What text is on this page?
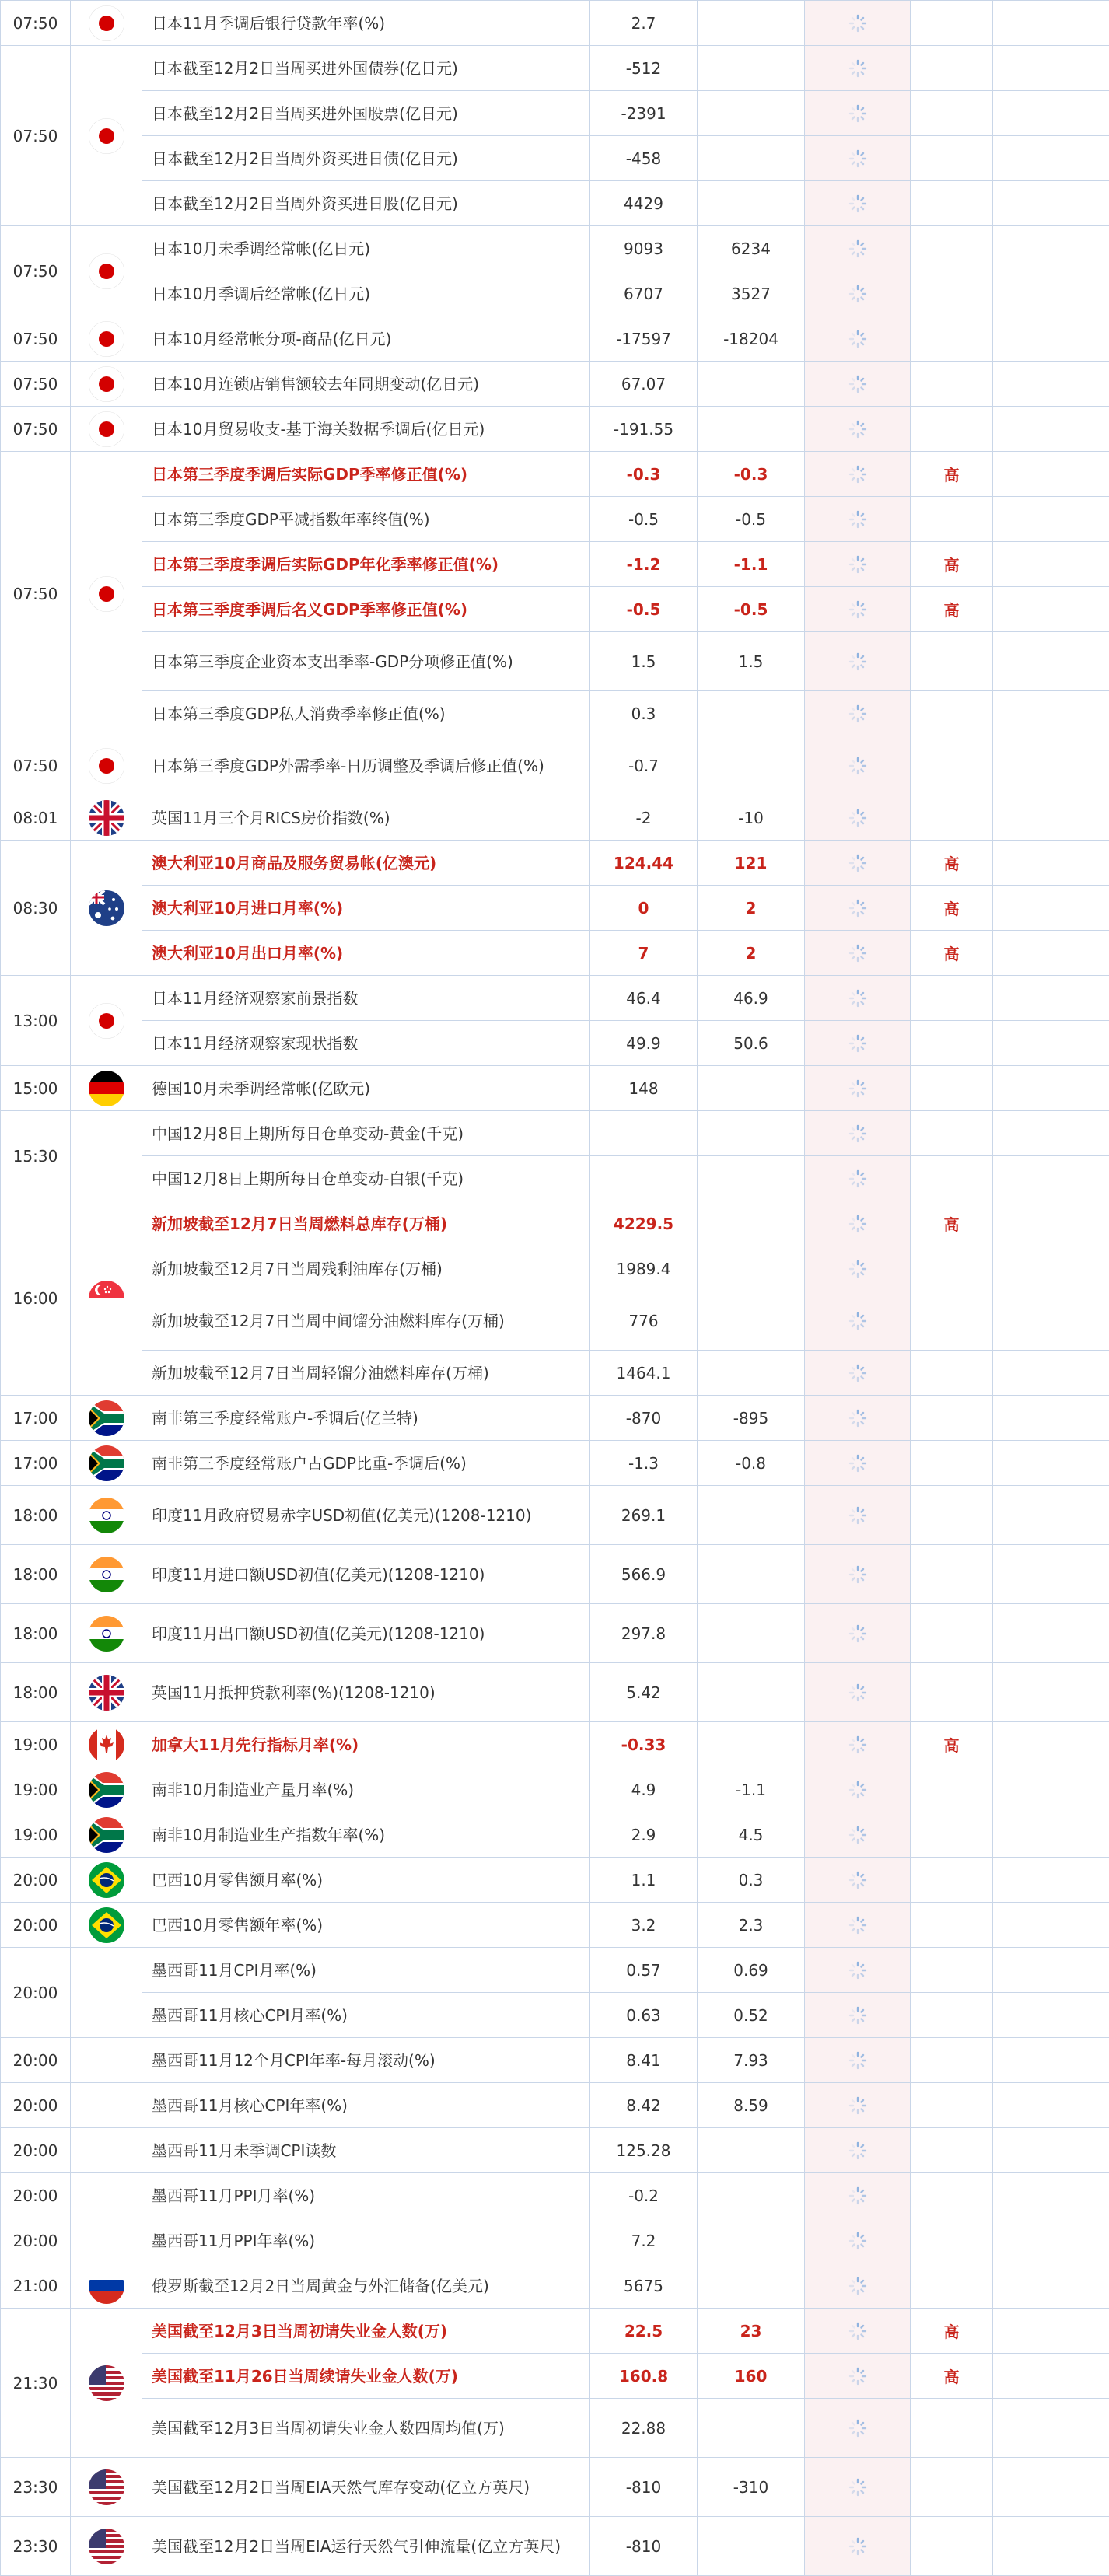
07:50		日本11月季调后银行贷款年率(%)	2.7					
07:50		日本截至12月2日当周买进外国债券(亿日元)	-512					
		日本截至12月2日当周买进外国股票(亿日元)	-2391					
		日本截至12月2日当周外资买进日债(亿日元)	-458					
		日本截至12月2日当周外资买进日股(亿日元)	4429					
07:50		日本10月未季调经常帐(亿日元)	9093	6234				
		日本10月季调后经常帐(亿日元)	6707	3527				
07:50		日本10月经常帐分项-商品(亿日元)	-17597	-18204				
07:50		日本10月连锁店销售额较去年同期变动(亿日元)	67.07					
07:50		日本10月贸易收支-基于海关数据季调后(亿日元)	-191.55					
07:50		日本第三季度季调后实际GDP季率修正值(%)	-0.3	-0.3		高		
		日本第三季度GDP平减指数年率终值(%)	-0.5	-0.5				
		日本第三季度季调后实际GDP年化季率修正值(%)	-1.2	-1.1		高		
		日本第三季度季调后名义GDP季率修正值(%)	-0.5	-0.5		高		
		日本第三季度企业资本支出季率-GDP分项修正值(%)	1.5	1.5				
		日本第三季度GDP私人消费季率修正值(%)	0.3					
07:50		日本第三季度GDP外需季率-日历调整及季调后修正值(%)	-0.7					
08:01		英国11月三个月RICS房价指数(%)	-2	-10				
08:30		澳大利亚10月商品及服务贸易帐(亿澳元)	124.44	121		高		
		澳大利亚10月进口月率(%)	0	2		高		
		澳大利亚10月出口月率(%)	7	2		高		
13:00		日本11月经济观察家前景指数	46.4	46.9				
		日本11月经济观察家现状指数	49.9	50.6				
15:00		德国10月未季调经常帐(亿欧元)	148					
15:30		中国12月8日上期所每日仓单变动-黄金(千克)						
		中国12月8日上期所每日仓单变动-白银(千克)						
16:00		新加坡截至12月7日当周燃料总库存(万桶)	4229.5			高		
		新加坡截至12月7日当周残剩油库存(万桶)	1989.4					
		新加坡截至12月7日当周中间馏分油燃料库存(万桶)	776					
		新加坡截至12月7日当周轻馏分油燃料库存(万桶)	1464.1					
17:00		南非第三季度经常账户-季调后(亿兰特)	-870	-895				
17:00		南非第三季度经常账户占GDP比重-季调后(%)	-1.3	-0.8				
18:00		印度11月政府贸易赤字USD初值(亿美元)(1208-1210)	269.1					
18:00		印度11月进口额USD初值(亿美元)(1208-1210)	566.9					
18:00		印度11月出口额USD初值(亿美元)(1208-1210)	297.8					
18:00		英国11月抵押贷款利率(%)(1208-1210)	5.42					
19:00		加拿大11月先行指标月率(%)	-0.33			高		
19:00		南非10月制造业产量月率(%)	4.9	-1.1				
19:00		南非10月制造业生产指数年率(%)	2.9	4.5				
20:00		巴西10月零售额月率(%)	1.1	0.3				
20:00		巴西10月零售额年率(%)	3.2	2.3				
20:00		墨西哥11月CPI月率(%)	0.57	0.69				
		墨西哥11月核心CPI月率(%)	0.63	0.52				
20:00		墨西哥11月12个月CPI年率-每月滚动(%)	8.41	7.93				
20:00		墨西哥11月核心CPI年率(%)	8.42	8.59				
20:00		墨西哥11月未季调CPI读数	125.28					
20:00		墨西哥11月PPI月率(%)	-0.2					
20:00		墨西哥11月PPI年率(%)	7.2					
21:00		俄罗斯截至12月2日当周黄金与外汇储备(亿美元)	5675					
21:30		美国截至12月3日当周初请失业金人数(万)	22.5	23		高		
		美国截至11月26日当周续请失业金人数(万)	160.8	160		高		
		美国截至12月3日当周初请失业金人数四周均值(万)	22.88					
23:30		美国截至12月2日当周EIA天然气库存变动(亿立方英尺)	-810	-310				
23:30		美国截至12月2日当周EIA运行天然气引伸流量(亿立方英尺)	-810					
